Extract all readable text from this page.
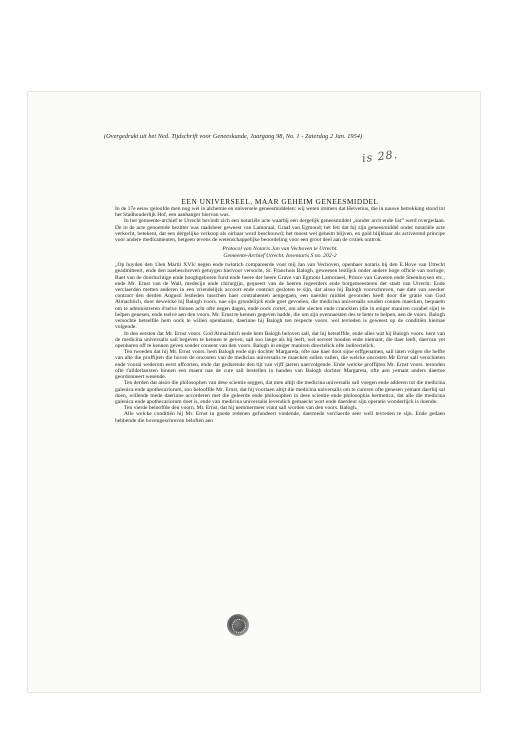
(Overgedrukt uit het Ned. Tijdschrift voor Geneeskunde, Jaargang 98, No. 1 - Zaterdag 2 Jan. 1954)
is 28.
EEN UNIVERSEEL, MAAR GEHEIM GENEESMIDDEL

In de 17e eeuw geloofde men nog wel in alchemie en universele geneesmiddelen: wij weten immers dat Helvetius, die in nauwe betrekking stond tot het Stadhouderlijk Hof, een aanhanger hiervan was.

In het gemeente-archief te Utrecht bevindt zich een notariële acte waarbij een dergelijk geneesmiddel „sonder arch ende list” werd overgedaan. De in de acte genoemde bezitter was raadsheer geweest van Lamoraal, Graaf van Egmond; het feit dat hij zijn geneesmiddel onder notariële acte verkocht, betekent, dat een dergelijke verkoop als oirbaar werd beschouwd; het moest wel geheim blijven, en gold blijkbaar als activerend principe voor andere medicamenten, hetgeen tevens de wetenschappelijke beoordeling voor een groot deel aan de critiek onttrok.

Protocol van Notaris Jan van Vechoven te Utrecht.
Gemeente-Archief Utrecht. Inventaris S no. 202-2

„Op huyden den 13en Martii XVIc negen ende twintich compareerde voor mij Jan van Vechoven, openbaer notaris bij den E.Hove van Utrecht geadmitteert, ende den naebeschreven getuygen hiervoor versocht, Sr. Franchois Balogh, geweesen lestlijck onder andere hoge officie van oorloge, Raet van de doorluchtige ende hooghgeboren furst ende heere der heere Grave van Egmont Lamoraeel, Prince van Gaveren ende Steenhuysen etc., ende Mr. Ernst van de Wall, medecijn ende chirurgijn, gequeert van de heeren regeerders ende borgemeesteren der stadt van Utrecht. Ende verclaerden metten anderen in een vriendelijck accoort ende contract gesloten te sijn, dat alsoo hij Balogh voorschreven, nae date van seecker contract den derden Augusti lestleden tusschen haer contrahenten aengegaen, een naerder middel gevonden heeft door die gratie van God Almachtich, door dewelcke hij Balogh voors. nae sijn grondelijck ende goet gevoelen, die medicina universalis souden connen maecken, bequaem om te administreren d'selve binnen acht ofte negen dagen, ende oock corter, om alle siecten ende cranckten (die in eniger maniren curabel sijn) te helpen genesen, ende tselve aen den voors. Mr. Ernst te kennen gegeven hadde, die om sijn evennaesten des te beter te helpen, aen de voors. Balogh versochte hetselfde hem oock te willen openbaren, daerinne hij Balogh ten respecte voors. wel tevreden is geweest op de conditiën hiernae volgende.

In den eersten dat Mr. Ernst voors. God Almachtich ende hem Balogh beloven sall, dat hij hetselffde, ende alles wat hij Balogh voors. hem van de medicina universalis sall begeven te kennen te geven, sall soo lange als hij leeft, wel secreet houden ende niemant, die daer leeft, daervan yet openbaren off te kennen geven sonder consent van den voors. Balogh in eniger maniren directelick ofte indirectelick.

Ten tweeden dat hij Mr. Ernst voors. hem Balogh ende sijn dochter Margareta, ofte nae haer doot sijne erffgenamen, sall laten volgen die helfte van alle die proffijten die hoven de oncosten van de medicina universalis te maecken sullen vallen, die welcke oncosten Mr Ernst sall verschieten ende vooral wederom eerst affcorten, ende dat gedurende den tijt van vijff jaeren naervolgende. Ende welcke proffijten Mr. Ernst voors. teronden ofte t'allderlanxten binnen een maent nae de cure sall bestellen in handen van Balogh dochter Margareta, ofte aen yemant anders daertoe geordonneert wesende.

Ten derden dat alsoo die philosophen van dese scientie seggen, dat men altijt die medicina universalis sall voegen ende adderen tot die medicina galenica ende apothecariorum, soo belooffde Mr. Ernst, dat hij voortaen altijt die medicina universalis om te cureren ofte genesen yemant daerbij sal doen, willende mede daerinne accorderen met die geleerde ende philosophen in dese scientie ende philosophia hermetica, dat alle die medicina galenica ende apothecariorum doet is, ende van medicina universalis levendich gemaeckt wort ende daerdeur sijn operatie wonderlijck is doende.

Ten vierde belooffde den voorn. Mr. Ernst, dat hij nemmermeer viant sall worden van den voors. Balogh.

Alle welcke conditiën hij Mr. Ernst in goede redenen gefundeert vindende, daermede verclaerde seer well tevreden te sijn. Ende gedaen hebbende die bovengeschreven beloften aen
